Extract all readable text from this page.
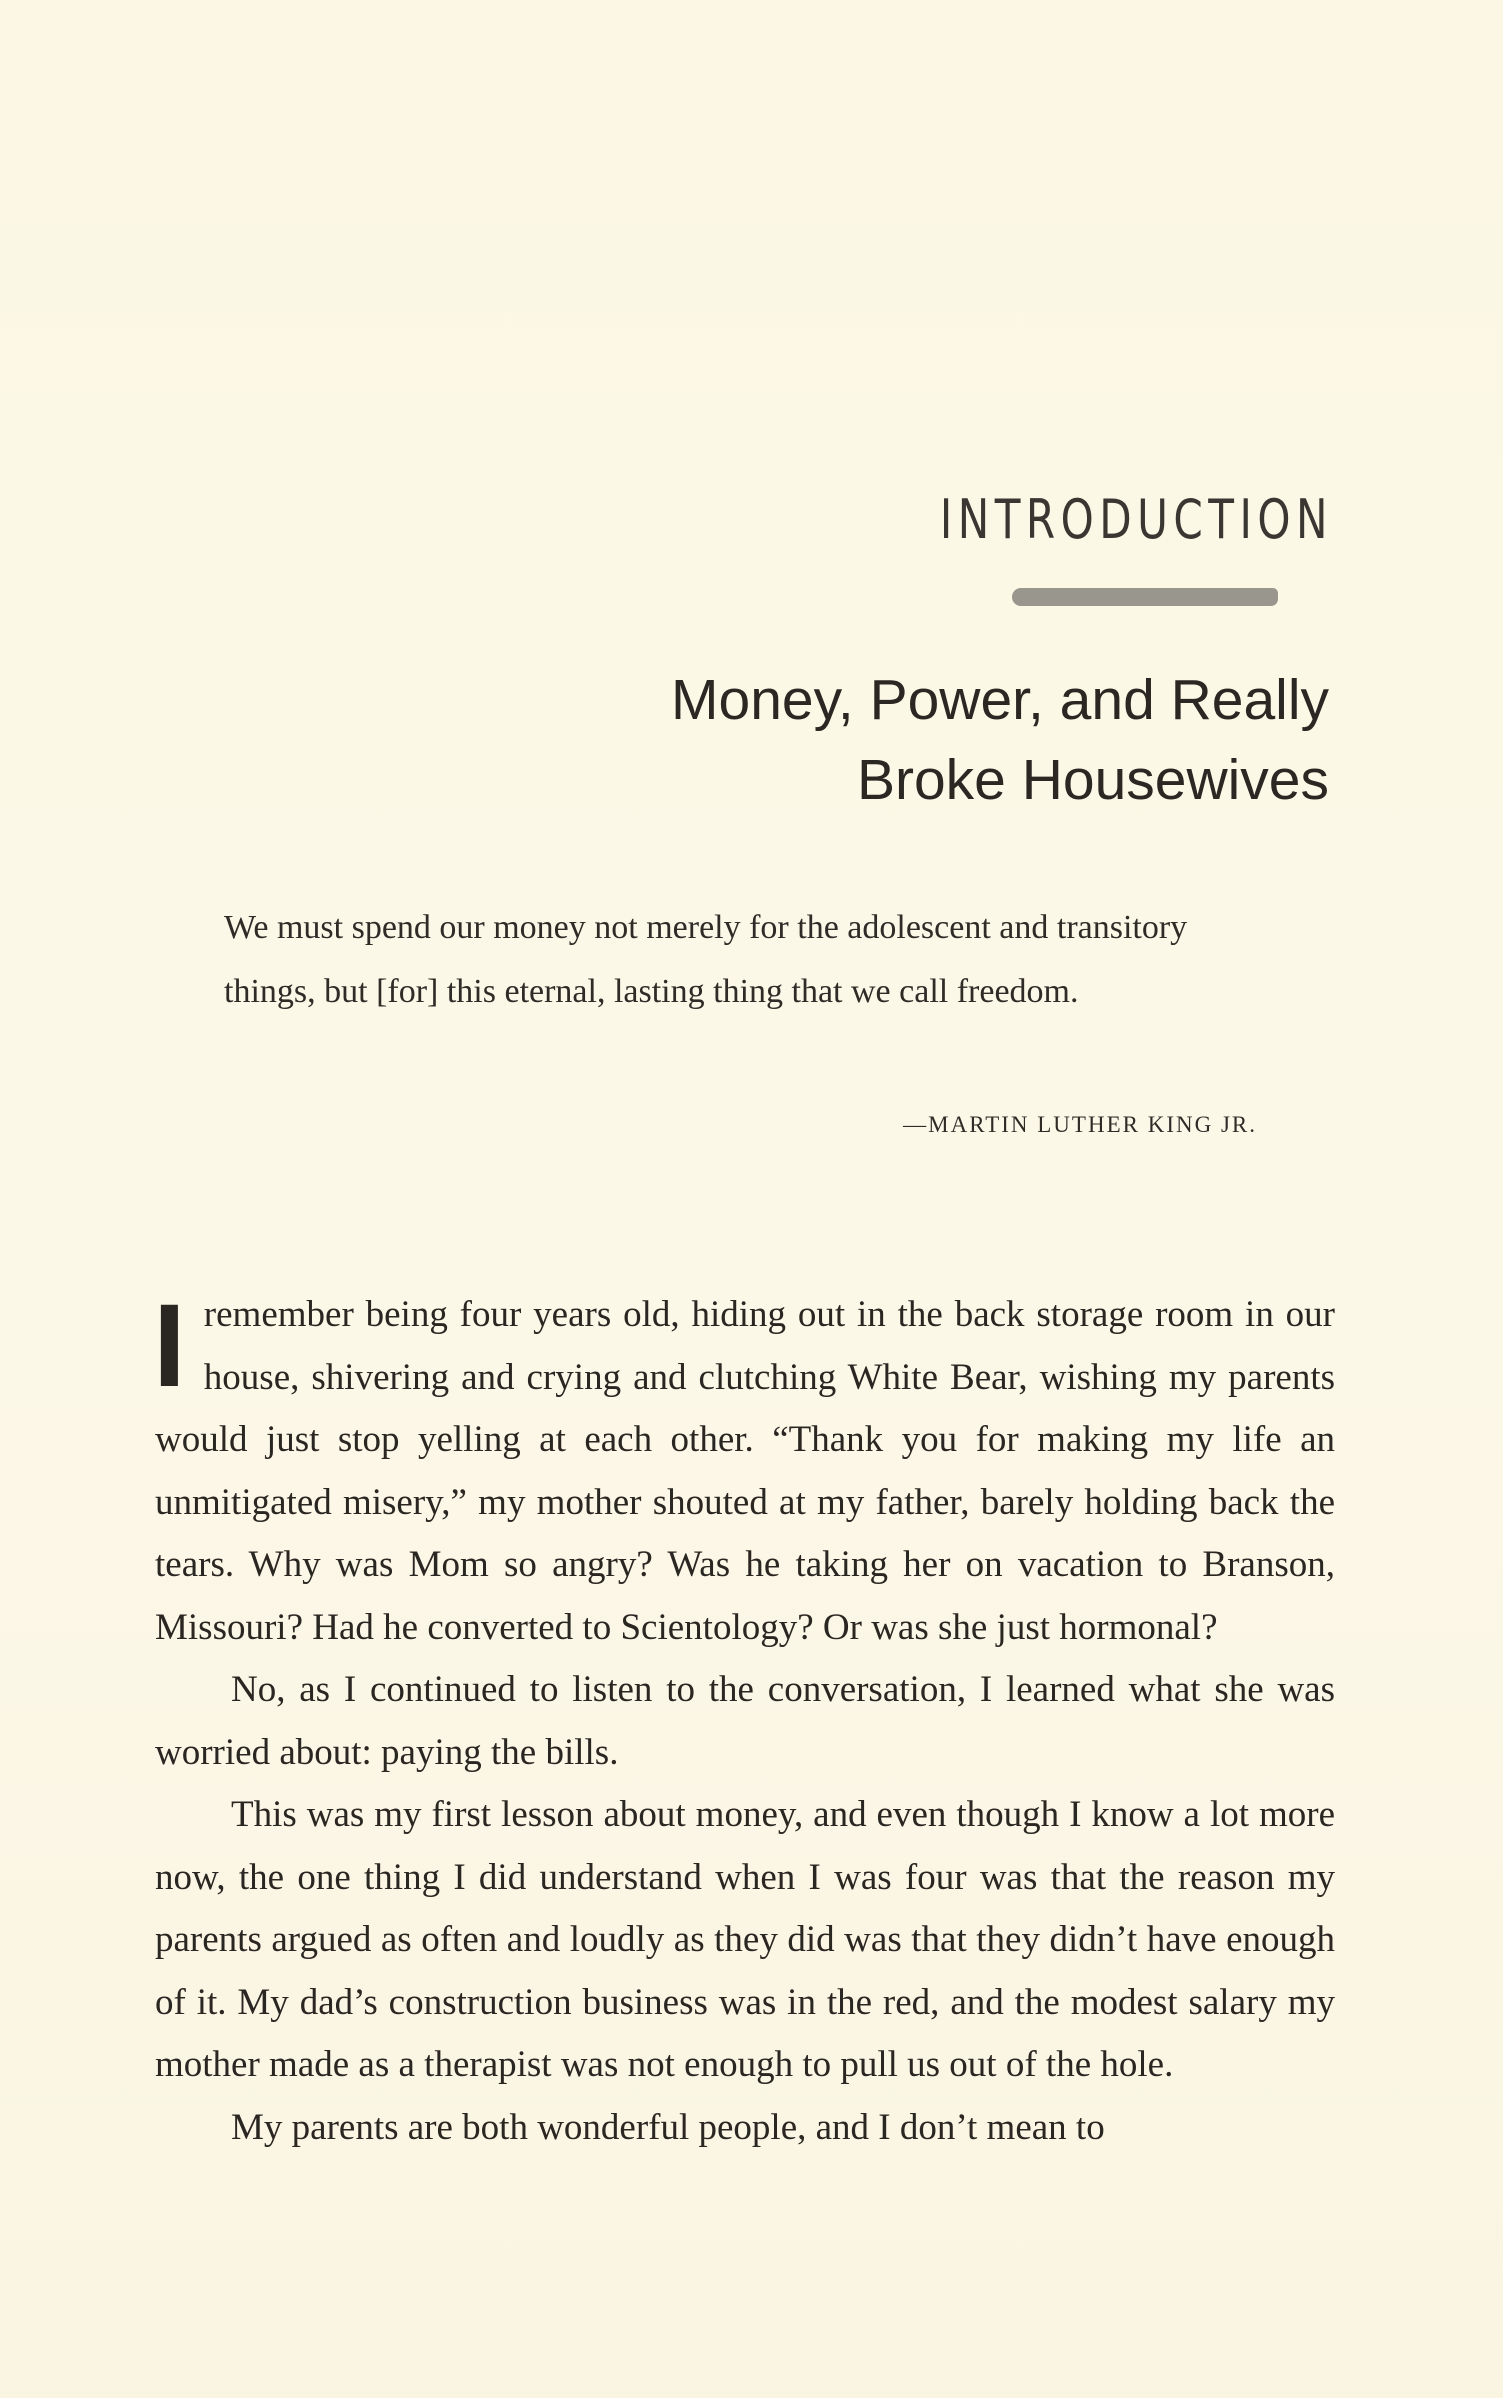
INTRODUCTION
Money, Power, and Really
Broke Housewives
We must spend our money not merely for the adolescent and transitory things, but [for] this eternal, lasting thing that we call freedom.
—MARTIN LUTHER KING JR.

Iremember being four years old, hiding out in the back storage room in our house, shivering and crying and clutching White Bear, wishing my parents would just stop yelling at each other. “Thank you for making my life an unmitigated misery,” my mother shouted at my father, barely holding back the tears. Why was Mom so angry? Was he taking her on vacation to Branson, Missouri? Had he converted to Scientology? Or was she just hormonal?

No, as I continued to listen to the conversation, I learned what she was worried about: paying the bills.

This was my first lesson about money, and even though I know a lot more now, the one thing I did understand when I was four was that the reason my parents argued as often and loudly as they did was that they didn’t have enough of it. My dad’s construction business was in the red, and the modest salary my mother made as a therapist was not enough to pull us out of the hole.

My parents are both wonderful people, and I don’t mean to
